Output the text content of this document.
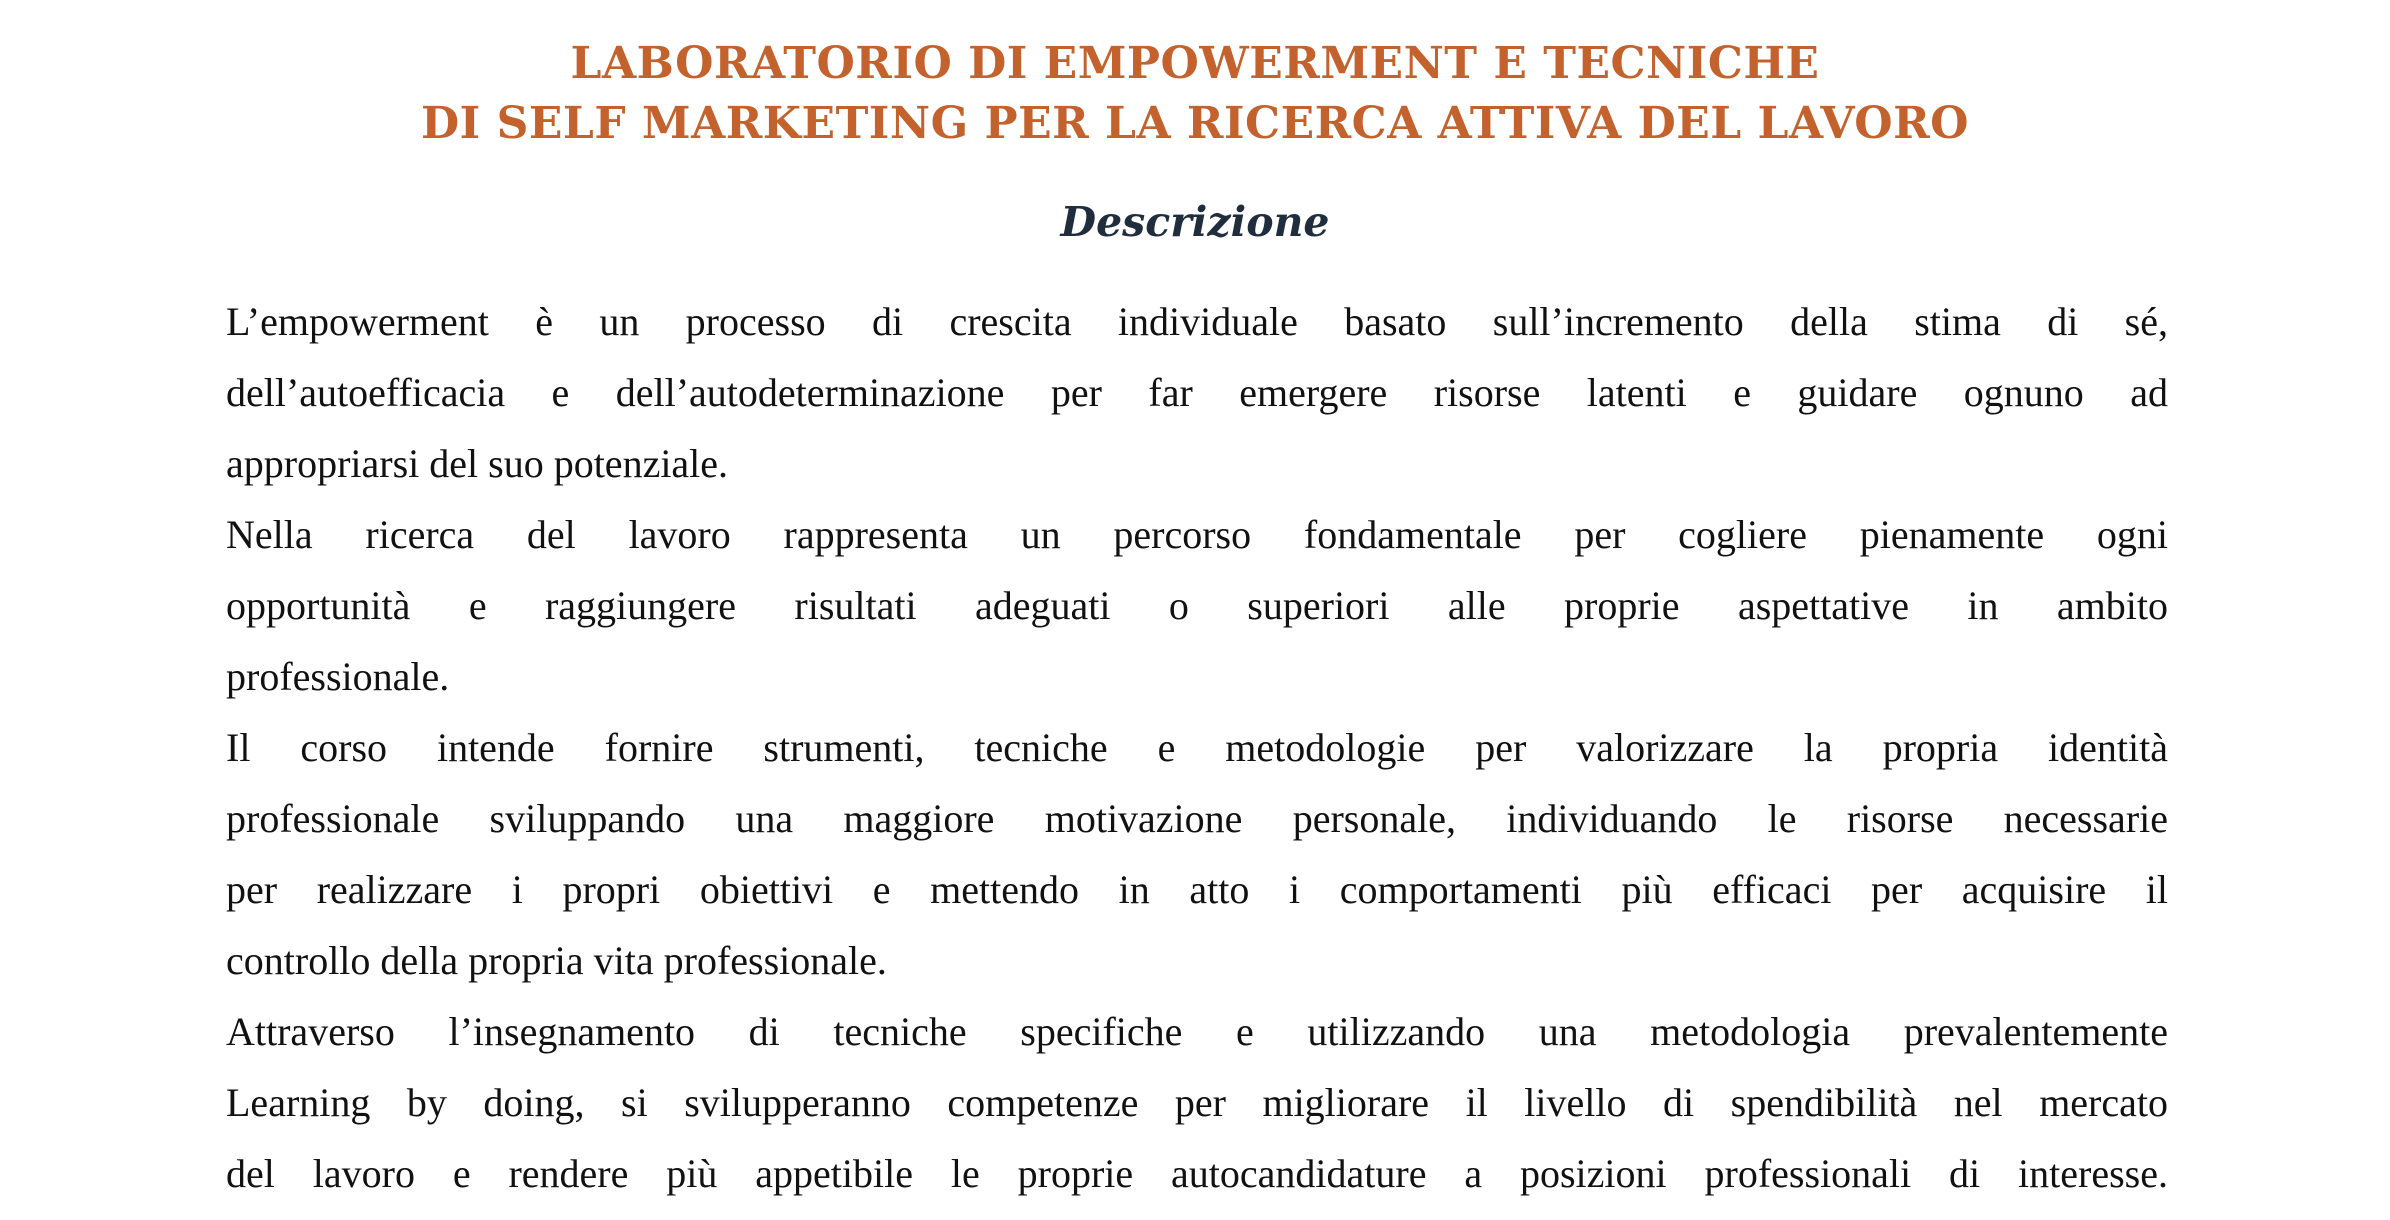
LABORATORIO DI EMPOWERMENT E TECNICHE
DI SELF MARKETING PER LA RICERCA ATTIVA DEL LAVORO
Descrizione
L’empowerment è un processo di crescita individuale basato sull’incremento della stima di sé,
dell’autoefficacia e dell’autodeterminazione per far emergere risorse latenti e guidare ognuno ad
appropriarsi del suo potenziale.
Nella ricerca del lavoro rappresenta un percorso fondamentale per cogliere pienamente ogni
opportunità e raggiungere risultati adeguati o superiori alle proprie aspettative in ambito
professionale.
Il corso intende fornire strumenti, tecniche e metodologie per valorizzare la propria identità
professionale sviluppando una maggiore motivazione personale, individuando le risorse necessarie
per realizzare i propri obiettivi e mettendo in atto i comportamenti più efficaci per acquisire il
controllo della propria vita professionale.
Attraverso l’insegnamento di tecniche specifiche e utilizzando una metodologia prevalentemente
Learning by doing, si svilupperanno competenze per migliorare il livello di spendibilità nel mercato
del lavoro e rendere più appetibile le proprie autocandidature a posizioni professionali di interesse.
